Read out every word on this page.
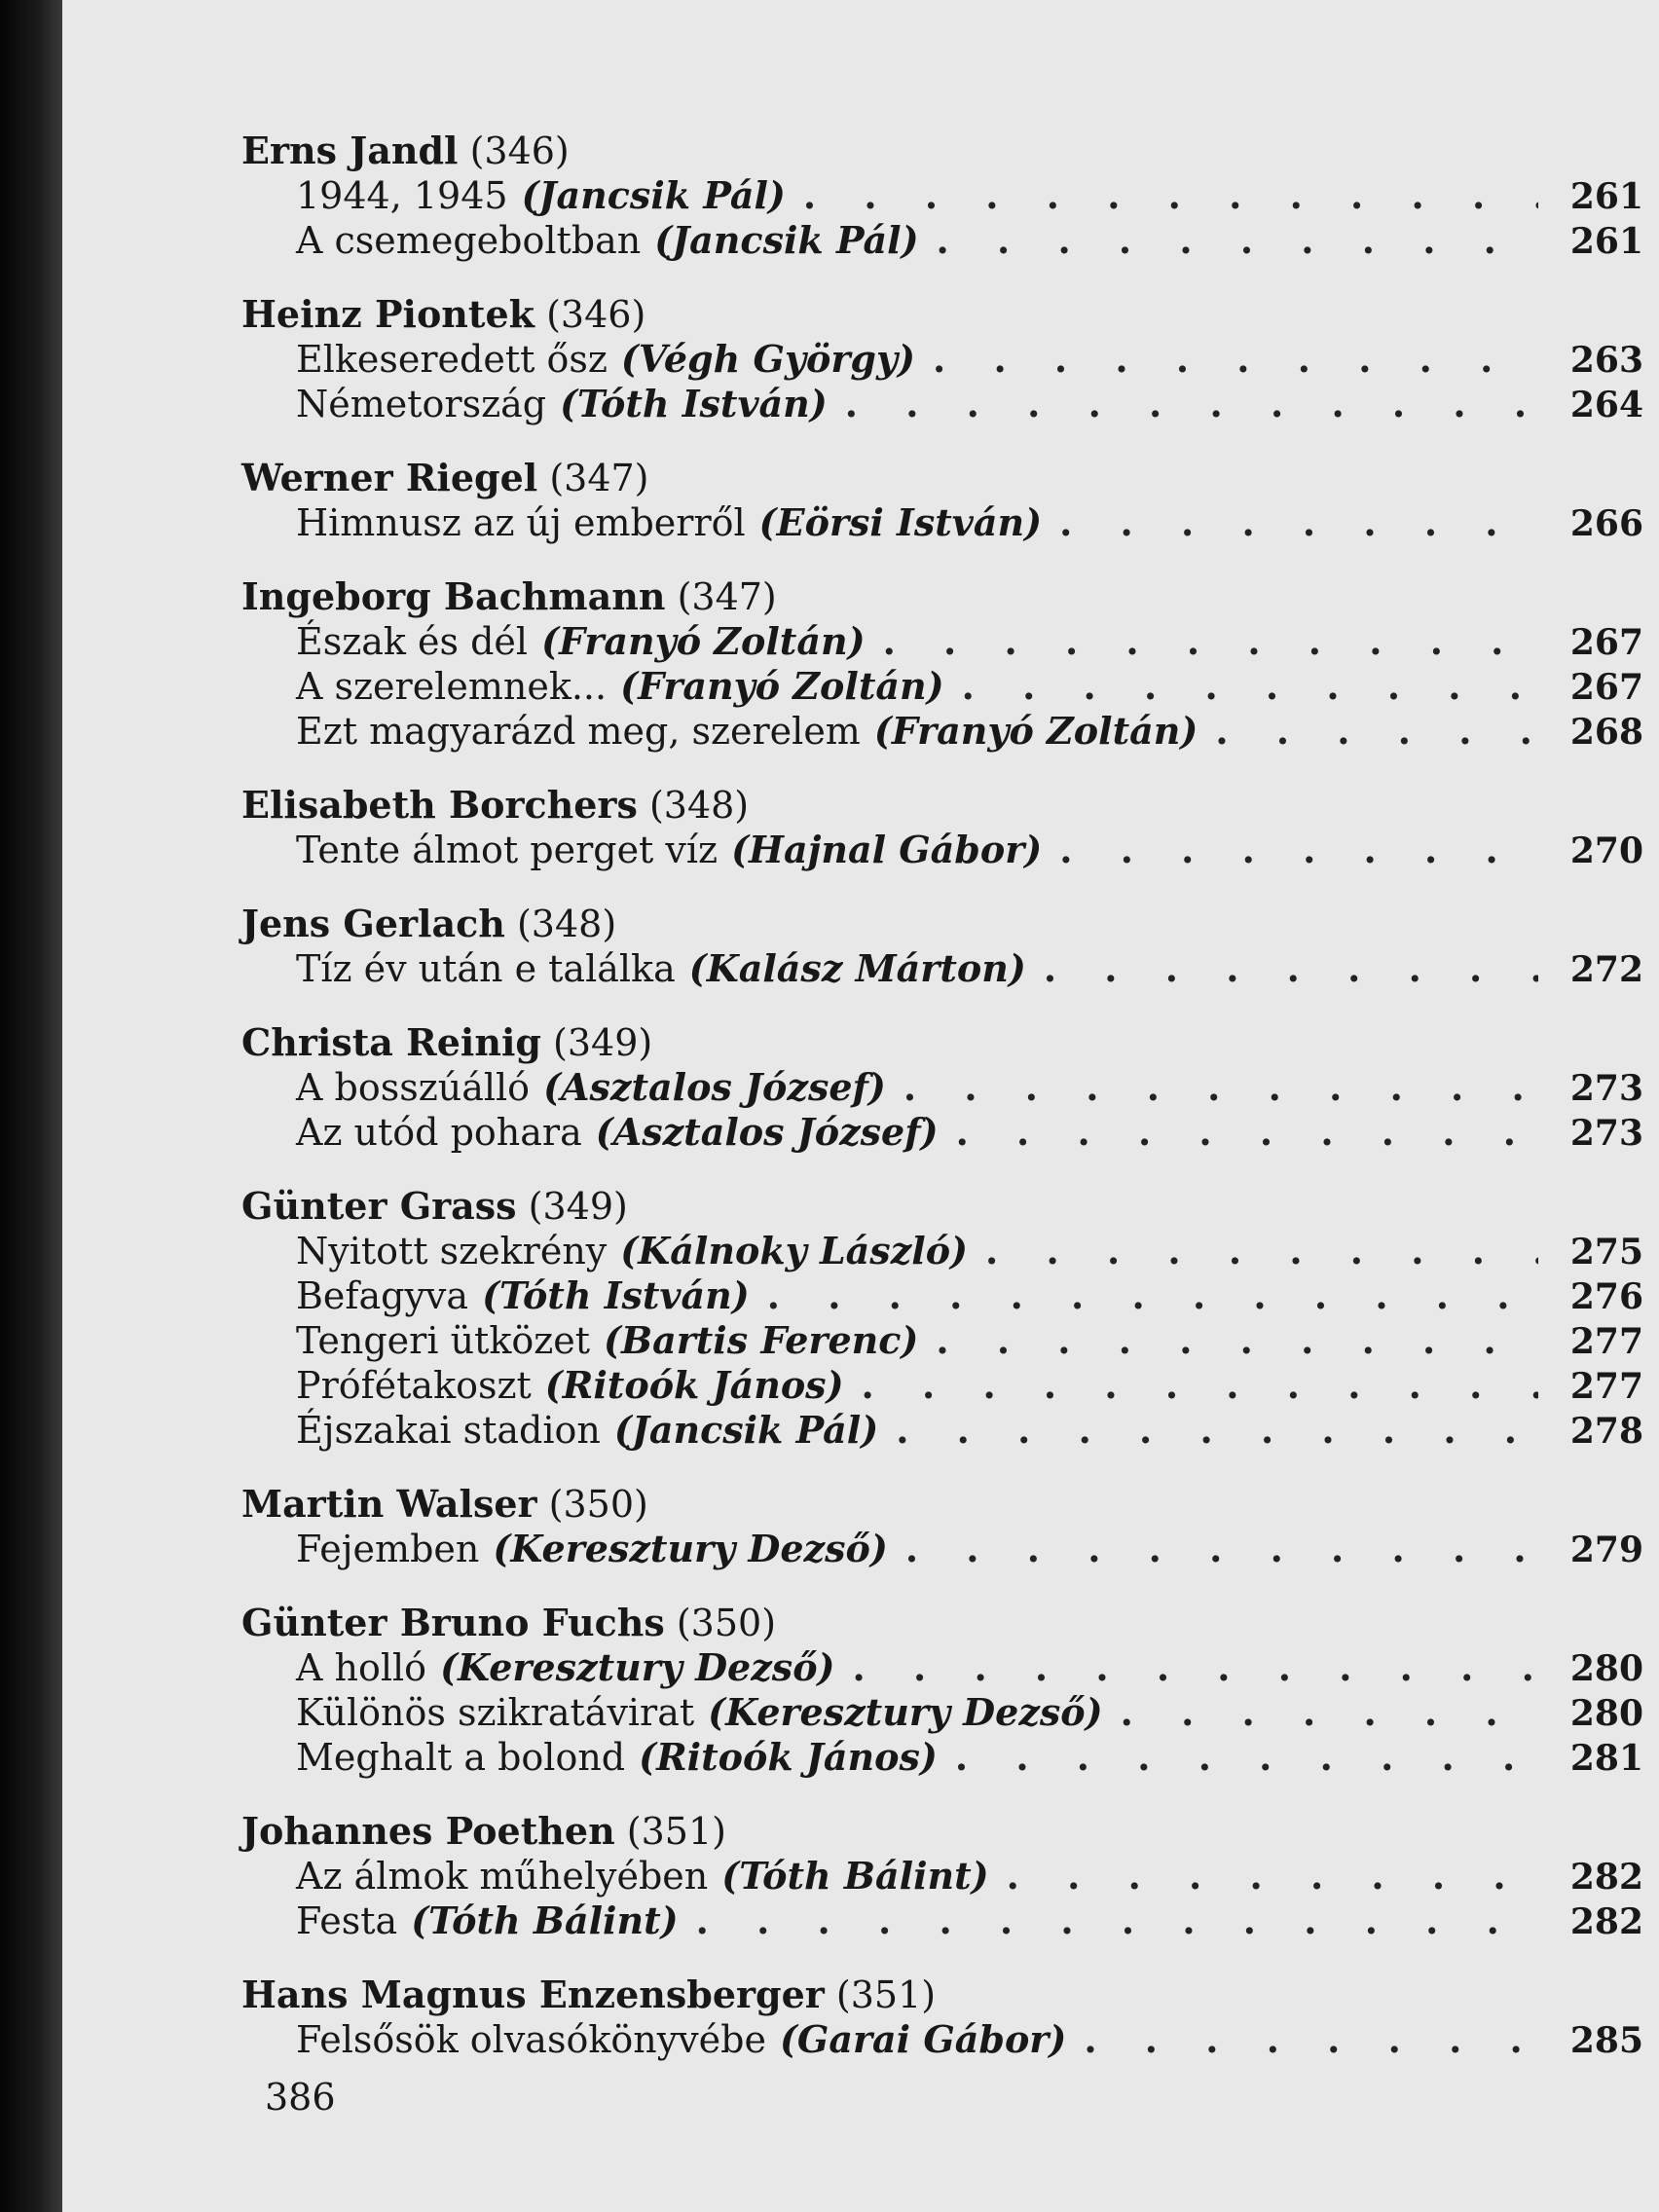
Erns Jandl (346)
1944, 1945 (Jancsik Pál) . . .	261
A csemegeboltban (Jancsik Pál) . . .	261
Heinz Piontek (346)
Elkeseredett ősz (Végh György) . . .	263
Németország (Tóth István) . . .	264
Werner Riegel (347)
Himnusz az új emberről (Eörsi István) . . .	266
Ingeborg Bachmann (347)
Észak és dél (Franyó Zoltán) . . .	267
A szerelemnek... (Franyó Zoltán) . . .	267
Ezt magyarázd meg, szerelem (Franyó Zoltán) . . .	268
Elisabeth Borchers (348)
Tente álmot perget víz (Hajnal Gábor) . . .	270
Jens Gerlach (348)
Tíz év után e találka (Kalász Márton) . . .	272
Christa Reinig (349)
A bosszúálló (Asztalos József) . . .	273
Az utód pohara (Asztalos József) . . .	273
Günter Grass (349)
Nyitott szekrény (Kálnoky László) . . .	275
Befagyva (Tóth István) . . .	276
Tengeri ütközet (Bartis Ferenc) . . .	277
Prófétakoszt (Ritoók János) . . .	277
Éjszakai stadion (Jancsik Pál) . . .	278
Martin Walser (350)
Fejemben (Keresztury Dezső) . . .	279
Günter Bruno Fuchs (350)
A holló (Keresztury Dezső) . . .	280
Különös szikratávirat (Keresztury Dezső) . . .	280
Meghalt a bolond (Ritoók János) . . .	281
Johannes Poethen (351)
Az álmok műhelyében (Tóth Bálint) . . .	282
Festa (Tóth Bálint) . . .	282
Hans Magnus Enzensberger (351)
Felsősök olvasókönyvébe (Garai Gábor) . . .	285
386
